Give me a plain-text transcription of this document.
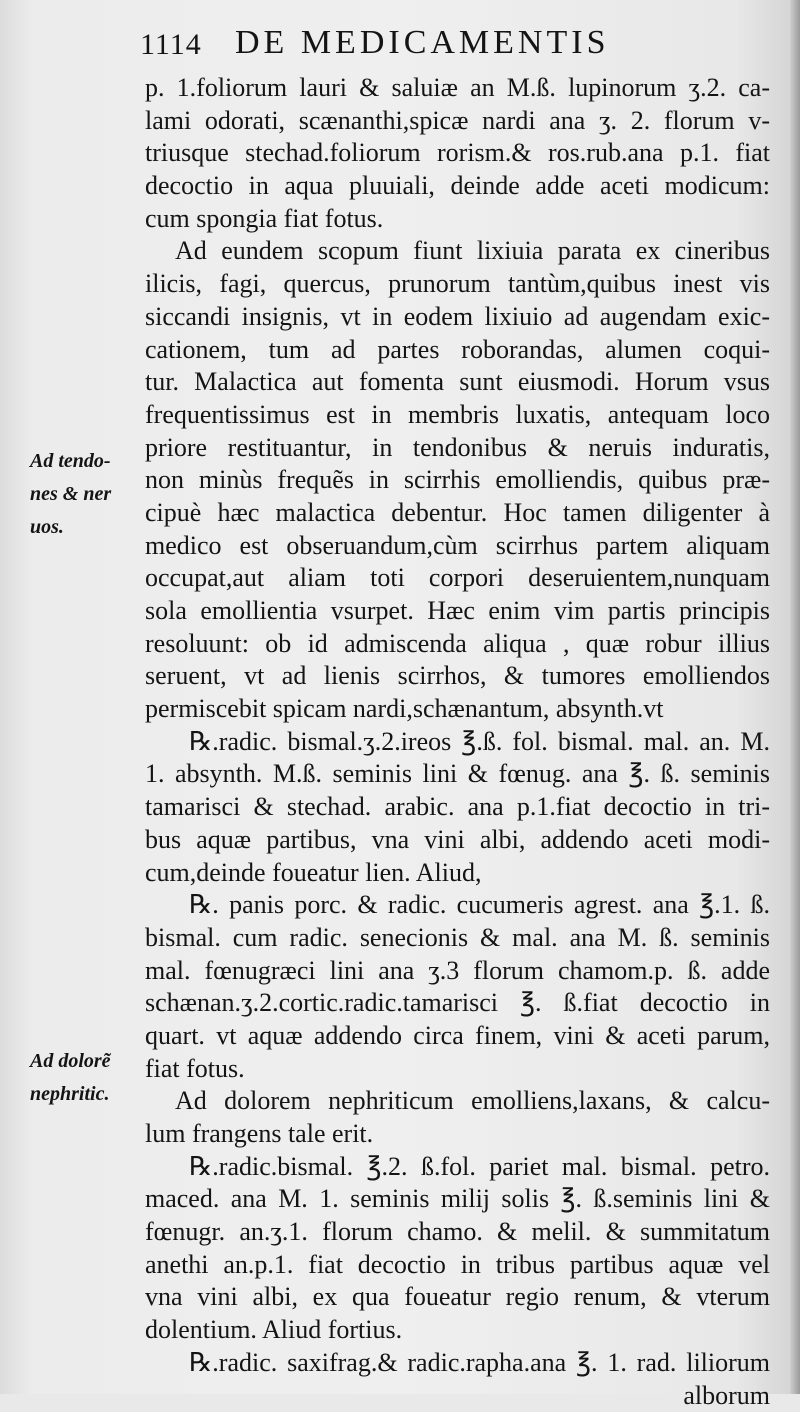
1114 DE MEDICAMENTIS
Ad tendo-
nes & ner
uos.
Ad dolorẽ
nephritic.
p. 1.foliorum lauri & saluiæ an M.ß. lupinorum ʒ.2. ca-
lami odorati, scænanthi,spicæ nardi ana ʒ. 2. florum v-
triusque stechad.foliorum rorism.& ros.rub.ana p.1. fiat
decoctio in aqua pluuiali, deinde adde aceti modicum:
cum spongia fiat fotus.
Ad eundem scopum fiunt lixiuia parata ex cineribus
ilicis, fagi, quercus, prunorum tantùm,quibus inest vis
siccandi insignis, vt in eodem lixiuio ad augendam exic-
cationem, tum ad partes roborandas, alumen coqui-
tur. Malactica aut fomenta sunt eiusmodi. Horum vsus
frequentissimus est in membris luxatis, antequam loco
priore restituantur, in tendonibus & neruis induratis,
non minùs frequẽs in scirrhis emolliendis, quibus præ-
cipuè hæc malactica debentur. Hoc tamen diligenter à
medico est obseruandum,cùm scirrhus partem aliquam
occupat,aut aliam toti corpori deseruientem,nunquam
sola emollientia vsurpet. Hæc enim vim partis principis
resoluunt: ob id admiscenda aliqua , quæ robur illius
seruent, vt ad lienis scirrhos, & tumores emolliendos
permiscebit spicam nardi,schænantum, absynth.vt
℞.radic. bismal.ʒ.2.ireos ℥.ß. fol. bismal. mal. an. M.
1. absynth. M.ß. seminis lini & fœnug. ana ℥. ß. seminis
tamarisci & stechad. arabic. ana p.1.fiat decoctio in tri-
bus aquæ partibus, vna vini albi, addendo aceti modi-
cum,deinde foueatur lien. Aliud,
℞. panis porc. & radic. cucumeris agrest. ana ℥.1. ß.
bismal. cum radic. senecionis & mal. ana M. ß. seminis
mal. fœnugræci lini ana ʒ.3 florum chamom.p. ß. adde
schænan.ʒ.2.cortic.radic.tamarisci ℥. ß.fiat decoctio in
quart. vt aquæ addendo circa finem, vini & aceti parum,
fiat fotus.
Ad dolorem nephriticum emolliens,laxans, & calcu-
lum frangens tale erit.
℞.radic.bismal. ℥.2. ß.fol. pariet mal. bismal. petro.
maced. ana M. 1. seminis milij solis ℥. ß.seminis lini &
fœnugr. an.ʒ.1. florum chamo. & melil. & summitatum
anethi an.p.1. fiat decoctio in tribus partibus aquæ vel
vna vini albi, ex qua foueatur regio renum, & vterum
dolentium. Aliud fortius.
℞.radic. saxifrag.& radic.rapha.ana ℥. 1. rad. liliorum
alborum
